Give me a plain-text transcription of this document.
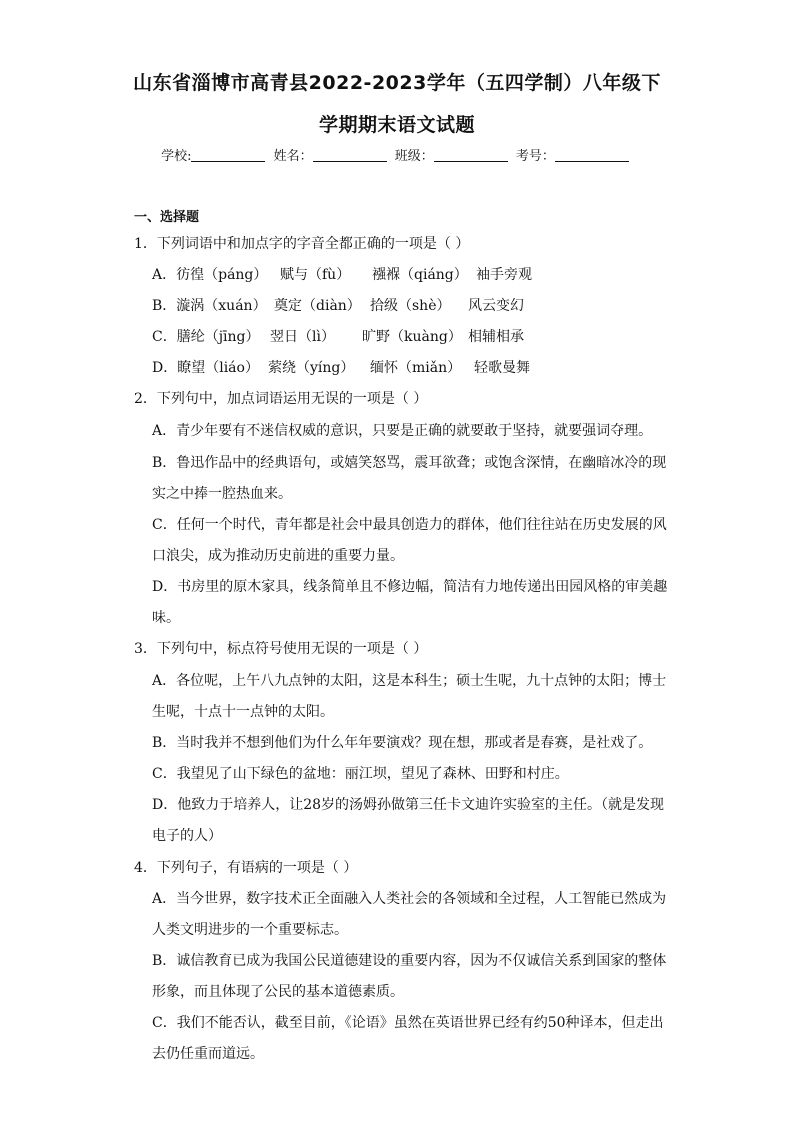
山东省淄博市高青县2022-2023学年（五四学制）八年级下
学期期末语文试题
学校:	姓名：	班级：	考号：
一、选择题
1．下列词语中和加点字的字音全都正确的一项是（ ）
A．彷徨（páng） 赋与（fù） 襁褓（qiáng） 袖手旁观
B．漩涡（xuán） 奠定（diàn） 拾级（shè） 风云变幻
C．膳纶（jīng） 翌日（lì） 旷野（kuàng） 相辅相承
D．瞭望（liáo） 萦绕（yíng） 缅怀（miǎn） 轻歌曼舞
2．下列句中，加点词语运用无误的一项是（ ）
A．青少年要有不迷信权威的意识，只要是正确的就要敢于坚持，就要强词夺理。
B．鲁迅作品中的经典语句，或嬉笑怒骂，震耳欲聋；或饱含深情，在幽暗冰冷的现
实之中捧一腔热血来。
C．任何一个时代，青年都是社会中最具创造力的群体，他们往往站在历史发展的风
口浪尖，成为推动历史前进的重要力量。
D．书房里的原木家具，线条简单且不修边幅，简洁有力地传递出田园风格的审美趣
味。
3．下列句中，标点符号使用无误的一项是（ ）
A．各位呢，上午八九点钟的太阳，这是本科生；硕士生呢，九十点钟的太阳；博士
生呢，十点十一点钟的太阳。
B．当时我并不想到他们为什么年年要演戏？现在想，那或者是春赛，是社戏了。
C．我望见了山下绿色的盆地：丽江坝，望见了森林、田野和村庄。
D．他致力于培养人，让28岁的汤姆孙做第三任卡文迪许实验室的主任。（就是发现
电子的人）
4．下列句子，有语病的一项是（ ）
A．当今世界，数字技术正全面融入人类社会的各领域和全过程，人工智能已然成为
人类文明进步的一个重要标志。
B．诚信教育已成为我国公民道德建设的重要内容，因为不仅诚信关系到国家的整体
形象，而且体现了公民的基本道德素质。
C．我们不能否认，截至目前，《论语》虽然在英语世界已经有约50种译本，但走出
去仍任重而道远。
